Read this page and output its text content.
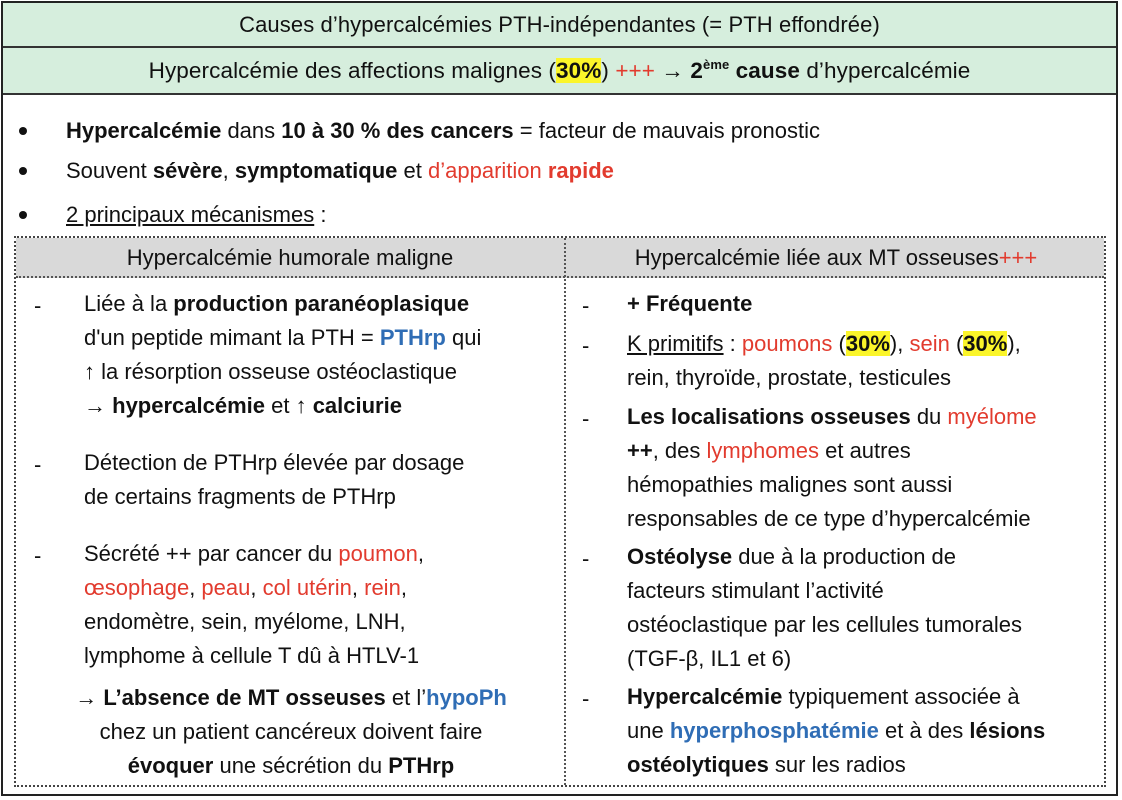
Causes d’hypercalcémies PTH-indépendantes (= PTH effondrée)
Hypercalcémie des affections malignes (30%) +++ → 2ème cause d’hypercalcémie
Hypercalcémie dans 10 à 30 % des cancers = facteur de mauvais pronostic
Souvent sévère, symptomatique et d’apparition rapide
2 principaux mécanismes :
Hypercalcémie humorale maligne	Hypercalcémie liée aux MT osseuses +++
- Liée à la production paranéoplasique
d'un peptide mimant la PTH = PTHrp qui
↑ la résorption osseuse ostéoclastique
→ hypercalcémie et ↑ calciurie
- Détection de PTHrp élevée par dosage
de certains fragments de PTHrp
- Sécrété ++ par cancer du poumon,
œsophage, peau, col utérin, rein,
endomètre, sein, myélome, LNH,
lymphome à cellule T dû à HTLV-1
→ L’absence de MT osseuses et l’hypoPh
chez un patient cancéreux doivent faire
évoquer une sécrétion du PTHrp
- + Fréquente
- K primitifs : poumons (30%), sein (30%),
rein, thyroïde, prostate, testicules
- Les localisations osseuses du myélome
++, des lymphomes et autres
hémopathies malignes sont aussi
responsables de ce type d’hypercalcémie
- Ostéolyse due à la production de
facteurs stimulant l’activité
ostéoclastique par les cellules tumorales
(TGF-β, IL1 et 6)
- Hypercalcémie typiquement associée à
une hyperphosphatémie et à des lésions
ostéolytiques sur les radios
